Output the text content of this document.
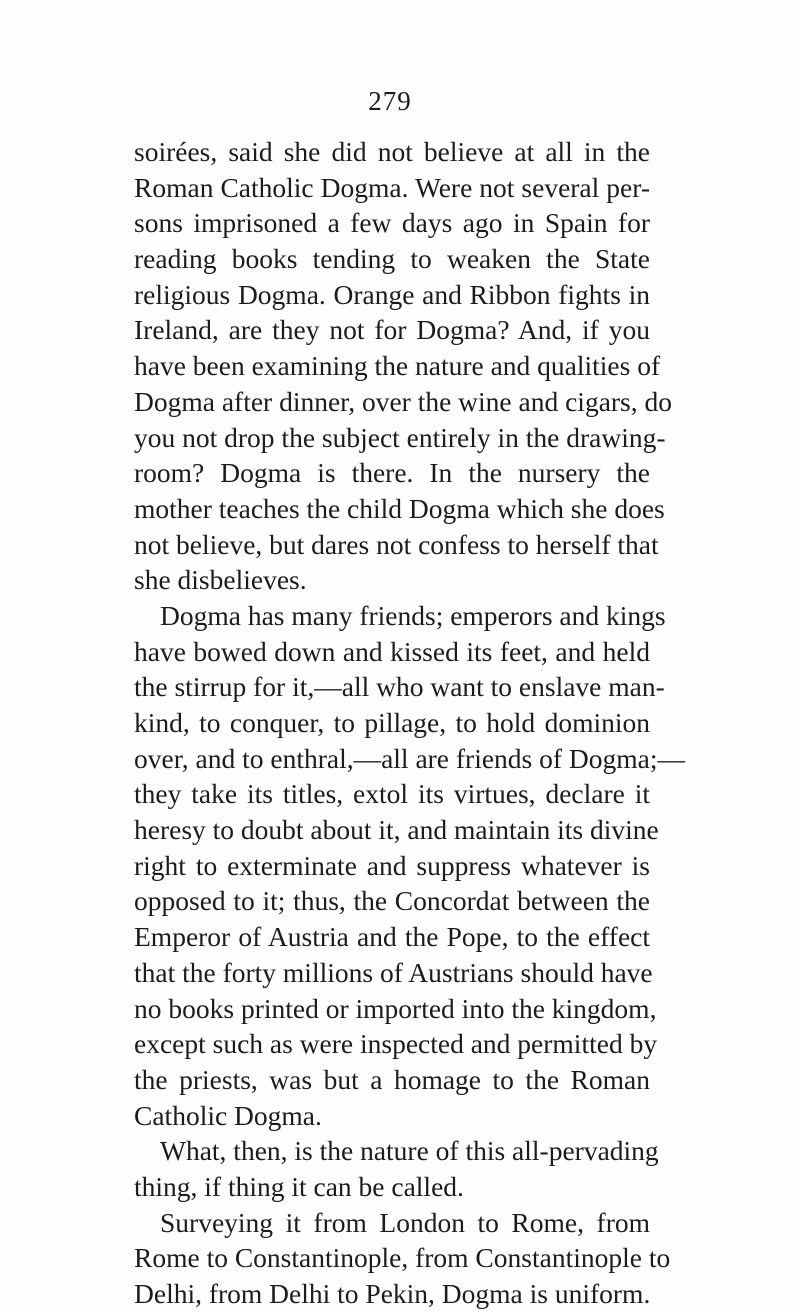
279
soirées, said she did not believe at all in the
Roman Catholic Dogma. Were not several per-
sons imprisoned a few days ago in Spain for
reading books tending to weaken the State
religious Dogma. Orange and Ribbon fights in
Ireland, are they not for Dogma? And, if you
have been examining the nature and qualities of
Dogma after dinner, over the wine and cigars, do
you not drop the subject entirely in the drawing-
room? Dogma is there. In the nursery the
mother teaches the child Dogma which she does
not believe, but dares not confess to herself that
she disbelieves.
Dogma has many friends; emperors and kings
have bowed down and kissed its feet, and held
the stirrup for it,—all who want to enslave man-
kind, to conquer, to pillage, to hold dominion
over, and to enthral,—all are friends of Dogma;—
they take its titles, extol its virtues, declare it
heresy to doubt about it, and maintain its divine
right to exterminate and suppress whatever is
opposed to it; thus, the Concordat between the
Emperor of Austria and the Pope, to the effect
that the forty millions of Austrians should have
no books printed or imported into the kingdom,
except such as were inspected and permitted by
the priests, was but a homage to the Roman
Catholic Dogma.
What, then, is the nature of this all-pervading
thing, if thing it can be called.
Surveying it from London to Rome, from
Rome to Constantinople, from Constantinople to
Delhi, from Delhi to Pekin, Dogma is uniform.
